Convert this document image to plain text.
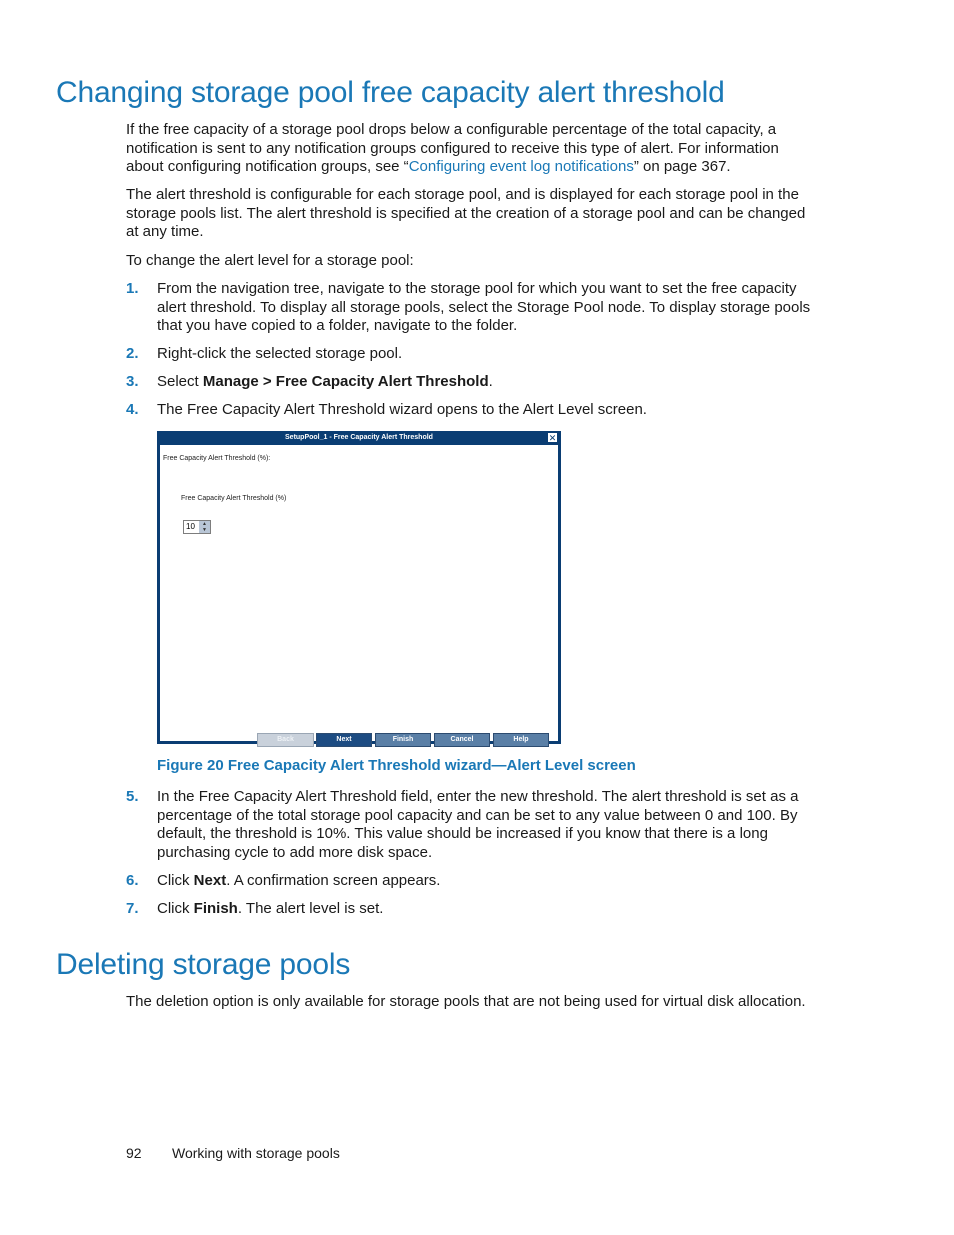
Changing storage pool free capacity alert threshold

If the free capacity of a storage pool drops below a configurable percentage of the total capacity, a notification is sent to any notification groups configured to receive this type of alert. For information about configuring notification groups, see “Configuring event log notifications” on page 367.

The alert threshold is configurable for each storage pool, and is displayed for each storage pool in the storage pools list. The alert threshold is specified at the creation of a storage pool and can be changed at any time.

To change the alert level for a storage pool:

1. From the navigation tree, navigate to the storage pool for which you want to set the free capacity alert threshold. To display all storage pools, select the Storage Pool node. To display storage pools that you have copied to a folder, navigate to the folder.
2. Right-click the selected storage pool.
3. Select Manage > Free Capacity Alert Threshold.
4. The Free Capacity Alert Threshold wizard opens to the Alert Level screen.
SetupPool_1 - Free Capacity Alert Threshold	✕
Free Capacity Alert Threshold (%):
Free Capacity Alert Threshold (%)
10	▲
▼
Back	Next	Finish	Cancel	Help
Figure 20 Free Capacity Alert Threshold wizard—Alert Level screen
5. In the Free Capacity Alert Threshold field, enter the new threshold. The alert threshold is set as a percentage of the total storage pool capacity and can be set to any value between 0 and 100. By default, the threshold is 10%. This value should be increased if you know that there is a long purchasing cycle to add more disk space.
6. Click Next. A confirmation screen appears.
7. Click Finish. The alert level is set.
Deleting storage pools

The deletion option is only available for storage pools that are not being used for virtual disk allocation.

92 Working with storage pools
